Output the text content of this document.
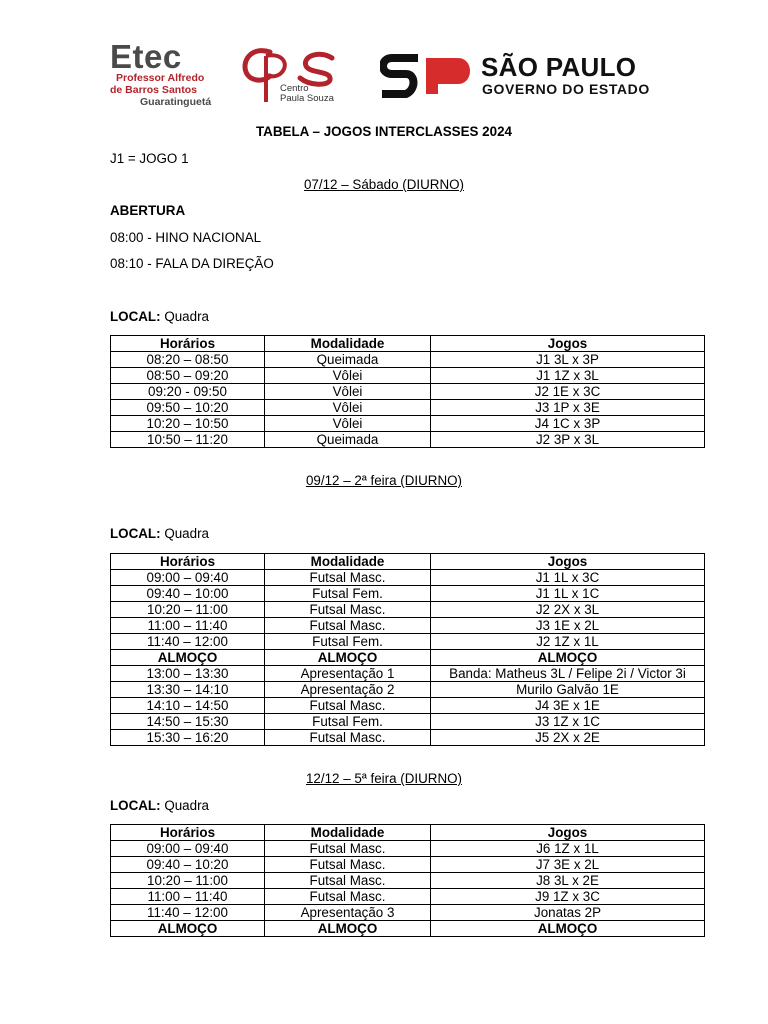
Etec
Professor Alfredo
de Barros Santos
Guaratinguetá
Centro
Paula Souza
SÃO PAULO
GOVERNO DO ESTADO
TABELA – JOGOS INTERCLASSES 2024
J1 = JOGO 1
07/12 – Sábado (DIURNO)
ABERTURA
08:00 - HINO NACIONAL
08:10 - FALA DA DIREÇÃO
LOCAL: Quadra
Horários	Modalidade	Jogos
08:20 – 08:50	Queimada	J1 3L x 3P
08:50 – 09:20	Vôlei	J1 1Z x 3L
09:20 - 09:50	Vôlei	J2 1E x 3C
09:50 – 10:20	Vôlei	J3 1P x 3E
10:20 – 10:50	Vôlei	J4 1C x 3P
10:50 – 11:20	Queimada	J2 3P x 3L
09/12 – 2ª feira (DIURNO)
LOCAL: Quadra
Horários	Modalidade	Jogos
09:00 – 09:40	Futsal Masc.	J1 1L x 3C
09:40 – 10:00	Futsal Fem.	J1 1L x 1C
10:20 – 11:00	Futsal Masc.	J2 2X x 3L
11:00 – 11:40	Futsal Masc.	J3 1E x 2L
11:40 – 12:00	Futsal Fem.	J2 1Z x 1L
ALMOÇO	ALMOÇO	ALMOÇO
13:00 – 13:30	Apresentação 1	Banda: Matheus 3L / Felipe 2i / Victor 3i
13:30 – 14:10	Apresentação 2	Murilo Galvão 1E
14:10 – 14:50	Futsal Masc.	J4 3E x 1E
14:50 – 15:30	Futsal Fem.	J3 1Z x 1C
15:30 – 16:20	Futsal Masc.	J5 2X x 2E
12/12 – 5ª feira (DIURNO)
LOCAL: Quadra
Horários	Modalidade	Jogos
09:00 – 09:40	Futsal Masc.	J6 1Z x 1L
09:40 – 10:20	Futsal Masc.	J7 3E x 2L
10:20 – 11:00	Futsal Masc.	J8 3L x 2E
11:00 – 11:40	Futsal Masc.	J9 1Z x 3C
11:40 – 12:00	Apresentação 3	Jonatas 2P
ALMOÇO	ALMOÇO	ALMOÇO
